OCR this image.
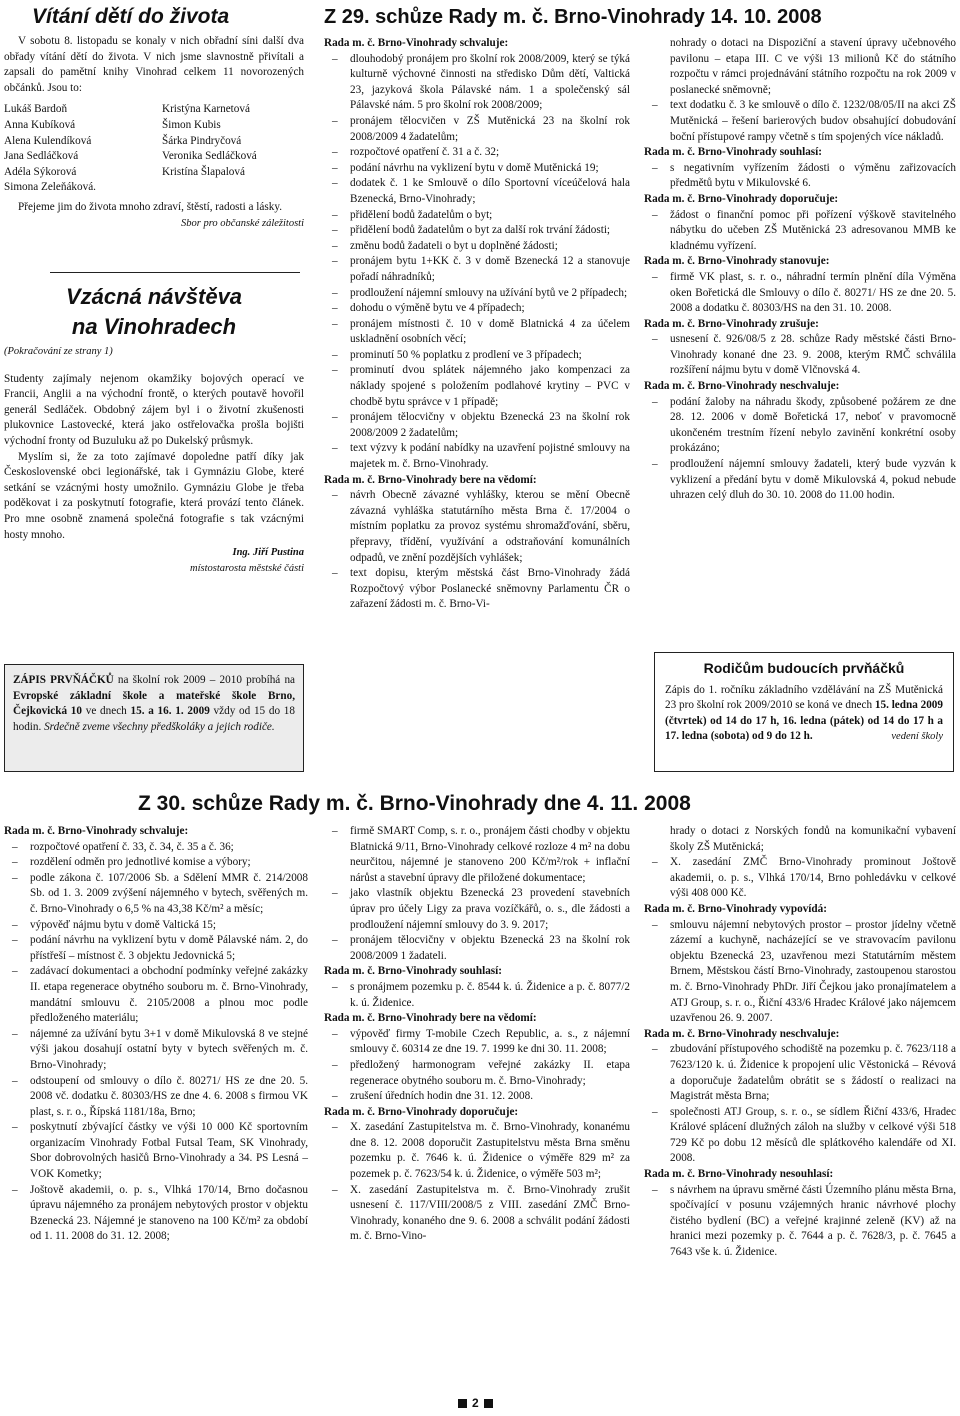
Vítání dětí do života

V sobotu 8. listopadu se konaly v nich obřadní síni další dva obřady vítání dětí do života. V nich jsme slavnostně přivítali a zapsali do pamětní knihy Vinohrad celkem 11 novorozených občánků. Jsou to:

Lukáš Bardoň

Anna Kubíková

Alena Kulendíková

Jana Sedláčková

Adéla Sýkorová

Simona Zeleňáková.

Kristýna Karnetová

Šimon Kubis

Šárka Pindryčová

Veronika Sedláčková

Kristína Šlapalová

Přejeme jim do života mnoho zdraví, štěstí, radosti a lásky.
Sbor pro občanské záležitosti

Vzácná návštěva
na Vinohradech

(Pokračování ze strany 1)

Studenty zajímaly nejenom okamžiky bojových operací ve Francii, Anglii a na východní frontě, o kterých poutavě hovořil generál Sedláček. Obdobný zájem byl i o životní zkušenosti plukovnice Lastovecké, která jako ostřelovačka prošla bojišti východní fronty od Buzuluku až po Dukelský průsmyk.

Myslím si, že za toto zajímavé dopoledne patří díky jak Československé obci legionářské, tak i Gymnáziu Globe, které setkání se vzácnými hosty umožnilo. Gymnáziu Globe je třeba poděkovat i za poskytnutí fotografie, která provází tento článek. Pro mne osobně znamená společná fotografie s tak vzácnými hosty mnoho.

Ing. Jiří Pustina

místostarosta městské části

ZÁPIS PRVŇÁČKŮ na školní rok 2009 – 2010 probíhá na Evropské základní škole a mateřské škole Brno, Čejkovická 10 ve dnech 15. a 16. 1. 2009 vždy od 15 do 18 hodin. Srdečně zveme všechny předškoláky a jejich rodiče.

Z 29. schůze Rady m. č. Brno-Vinohrady 14. 10. 2008

Rada m. č. Brno-Vinohrady schvaluje:

– dlouhodobý pronájem pro školní rok 2008/2009, který se týká kulturně výchovné činnosti na středisko Dům dětí, Valtická 23, jazyková škola Pálavské nám. 1 a společenský sál Pálavské nám. 5 pro školní rok 2008/2009;

– pronájem tělocvičen v ZŠ Mutěnická 23 na školní rok 2008/2009 4 žadatelům;

– rozpočtové opatření č. 31 a č. 32;

– podání návrhu na vyklizení bytu v domě Mutěnická 19;

– dodatek č. 1 ke Smlouvě o dílo Sportovní víceúčelová hala Bzenecká, Brno-Vinohrady;

– přidělení bodů žadatelům o byt;

– přidělení bodů žadatelům o byt za další rok trvání žádosti;

– změnu bodů žadateli o byt u doplněné žádosti;

– pronájem bytu 1+KK č. 3 v domě Bzenecká 12 a stanovuje pořadí náhradníků;

– prodloužení nájemní smlouvy na užívání bytů ve 2 případech;

– dohodu o výměně bytu ve 4 případech;

– pronájem místnosti č. 10 v domě Blatnická 4 za účelem uskladnění osobních věcí;

– prominutí 50 % poplatku z prodlení ve 3 případech;

– prominutí dvou splátek nájemného jako kompenzaci za náklady spojené s položením podlahové krytiny – PVC v chodbě bytu správce v 1 případě;

– pronájem tělocvičny v objektu Bzenecká 23 na školní rok 2008/2009 2 žadatelům;

– text výzvy k podání nabídky na uzavření pojistné smlouvy na majetek m. č. Brno-Vinohrady.

Rada m. č. Brno-Vinohrady bere na vědomí:

– návrh Obecně závazné vyhlášky, kterou se mění Obecně závazná vyhláška statutárního města Brna č. 17/2004 o místním poplatku za provoz systému shromažďování, sběru, přepravy, třídění, využívání a odstraňování komunálních odpadů, ve znění pozdějších vyhlášek;

– text dopisu, kterým městská část Brno-Vinohrady žádá Rozpočtový výbor Poslanecké sněmovny Parlamentu ČR o zařazení žádosti m. č. Brno-Vi-

nohrady o dotaci na Dispoziční a stavení úpravy učebnového pavilonu – etapa III. C ve výši 13 milionů Kč do státního rozpočtu v rámci projednávání státního rozpočtu na rok 2009 v poslanecké sněmovně;

– text dodatku č. 3 ke smlouvě o dílo č. 1232/08/05/II na akci ZŠ Mutěnická – řešení barierových budov obsahující dobudování boční přístupové rampy včetně s tím spojených více nákladů.

Rada m. č. Brno-Vinohrady souhlasí:

– s negativním vyřízením žádosti o výměnu zařizovacích předmětů bytu v Mikulovské 6.

Rada m. č. Brno-Vinohrady doporučuje:

– žádost o finanční pomoc při pořízení výškově stavitelného nábytku do učeben ZŠ Mutěnická 23 adresovanou MMB ke kladnému vyřízení.

Rada m. č. Brno-Vinohrady stanovuje:

– firmě VK plast, s. r. o., náhradní termín plnění díla Výměna oken Bořetická dle Smlouvy o dílo č. 80271/ HS ze dne 20. 5. 2008 a dodatku č. 80303/HS na den 31. 10. 2008.

Rada m. č. Brno-Vinohrady zrušuje:

– usnesení č. 926/08/5 z 28. schůze Rady městské části Brno-Vinohrady konané dne 23. 9. 2008, kterým RMČ schválila rozšíření nájmu bytu v domě Vlčnovská 4.

Rada m. č. Brno-Vinohrady neschvaluje:

– podání žaloby na náhradu škody, způsobené požárem ze dne 28. 12. 2006 v domě Bořetická 17, neboť v pravomocně ukončeném trestním řízení nebylo zavinění konkrétní osoby prokázáno;

– prodloužení nájemní smlouvy žadateli, který bude vyzván k vyklizení a předání bytu v domě Mikulovská 4, pokud nebude uhrazen celý dluh do 30. 10. 2008 do 11.00 hodin.

Rodičům budoucích prvňáčků

Zápis do 1. ročníku základního vzdělávání na ZŠ Mutěnická 23 pro školní rok 2009/2010 se koná ve dnech 15. ledna 2009 (čtvrtek) od 14 do 17 h, 16. ledna (pátek) od 14 do 17 h a 17. ledna (sobota) od 9 do 12 h.	vedení školy

Z 30. schůze Rady m. č. Brno-Vinohrady dne 4. 11. 2008

Rada m. č. Brno-Vinohrady schvaluje:

– rozpočtové opatření č. 33, č. 34, č. 35 a č. 36;

– rozdělení odměn pro jednotlivé komise a výbory;

– podle zákona č. 107/2006 Sb. a Sdělení MMR č. 214/2008 Sb. od 1. 3. 2009 zvýšení nájemného v bytech, svěřených m. č. Brno-Vinohrady o 6,5 % na 43,38 Kč/m² a měsíc;

– výpověď nájmu bytu v domě Valtická 15;

– podání návrhu na vyklizení bytu v domě Pálavské nám. 2, do přístřeší – místnost č. 3 objektu Jedovnická 5;

– zadávací dokumentaci a obchodní podmínky veřejné zakázky II. etapa regenerace obytného souboru m. č. Brno-Vinohrady, mandátní smlouvu č. 2105/2008 a plnou moc podle předloženého materiálu;

– nájemné za užívání bytu 3+1 v domě Mikulovská 8 ve stejné výši jakou dosahují ostatní byty v bytech svěřených m. č. Brno-Vinohrady;

– odstoupení od smlouvy o dílo č. 80271/ HS ze dne 20. 5. 2008 vč. dodatku č. 80303/HS ze dne 4. 6. 2008 s firmou VK plast, s. r. o., Řípská 1181/18a, Brno;

– poskytnutí zbývající částky ve výši 10 000 Kč sportovním organizacím Vinohrady Fotbal Futsal Team, SK Vinohrady, Sbor dobrovolných hasičů Brno-Vinohrady a 34. PS Lesná – VOK Kometky;

– Joštově akademii, o. p. s., Vlhká 170/14, Brno dočasnou úpravu nájemného za pronájem nebytových prostor v objektu Bzenecká 23. Nájemné je stanoveno na 100 Kč/m² za období od 1. 11. 2008 do 31. 12. 2008;

– firmě SMART Comp, s. r. o., pronájem části chodby v objektu Blatnická 9/11, Brno-Vinohrady celkové rozloze 4 m² na dobu neurčitou, nájemné je stanoveno 200 Kč/m²/rok + inflační nárůst a stavební úpravy dle přiložené dokumentace;

– jako vlastník objektu Bzenecká 23 provedení stavebních úprav pro účely Ligy za prava vozíčkářů, o. s., dle žádosti a prodloužení nájemní smlouvy do 3. 9. 2017;

– pronájem tělocvičny v objektu Bzenecká 23 na školní rok 2008/2009 1 žadateli.

Rada m. č. Brno-Vinohrady souhlasí:

– s pronájmem pozemku p. č. 8544 k. ú. Židenice a p. č. 8077/2 k. ú. Židenice.

Rada m. č. Brno-Vinohrady bere na vědomí:

– výpověď firmy T-mobile Czech Republic, a. s., z nájemní smlouvy č. 60314 ze dne 19. 7. 1999 ke dni 30. 11. 2008;

– předložený harmonogram veřejné zakázky II. etapa regenerace obytného souboru m. č. Brno-Vinohrady;

– zrušení úředních hodin dne 31. 12. 2008.

Rada m. č. Brno-Vinohrady doporučuje:

– X. zasedání Zastupitelstva m. č. Brno-Vinohrady, konanému dne 8. 12. 2008 doporučit Zastupitelstvu města Brna směnu pozemku p. č. 7646 k. ú. Židenice o výměře 829 m² za pozemek p. č. 7623/54 k. ú. Židenice, o výměře 503 m²;

– X. zasedání Zastupitelstva m. č. Brno-Vinohrady zrušit usnesení č. 117/VIII/2008/5 z VIII. zasedání ZMČ Brno-Vinohrady, konaného dne 9. 6. 2008 a schválit podání žádosti m. č. Brno-Vino-

hrady o dotaci z Norských fondů na komunikační vybavení školy ZŠ Mutěnická;

– X. zasedání ZMČ Brno-Vinohrady prominout Joštově akademii, o. p. s., Vlhká 170/14, Brno pohledávku v celkové výši 408 000 Kč.

Rada m. č. Brno-Vinohrady vypovídá:

– smlouvu nájemní nebytových prostor – prostor jídelny včetně zázemí a kuchyně, nacházející se ve stravovacím pavilonu objektu Bzenecká 23, uzavřenou mezi Statutárním městem Brnem, Městskou částí Brno-Vinohrady, zastoupenou starostou m. č. Brno-Vinohrady PhDr. Jiří Čejkou jako pronajímatelem a ATJ Group, s. r. o., Řiční 433/6 Hradec Králové jako nájemcem uzavřenou 26. 9. 2007.

Rada m. č. Brno-Vinohrady neschvaluje:

– zbudování přístupového schodiště na pozemku p. č. 7623/118 a 7623/120 k. ú. Židenice k propojení ulic Věstonická – Révová a doporučuje žadatelům obrátit se s žádostí o realizaci na Magistrát města Brna;

– společnosti ATJ Group, s. r. o., se sídlem Řiční 433/6, Hradec Králové splácení dlužných záloh na služby v celkové výši 518 729 Kč po dobu 12 měsíců dle splátkového kalendáře od XI. 2008.

Rada m. č. Brno-Vinohrady nesouhlasí:

– s návrhem na úpravu směrné části Územního plánu města Brna, spočívající v posunu vzájemných hranic návrhové plochy čistého bydlení (BC) a veřejné krajinné zeleně (KV) až na hranici mezi pozemky p. č. 7644 a p. č. 7628/3, p. č. 7645 a 7643 vše k. ú. Židenice.

2
